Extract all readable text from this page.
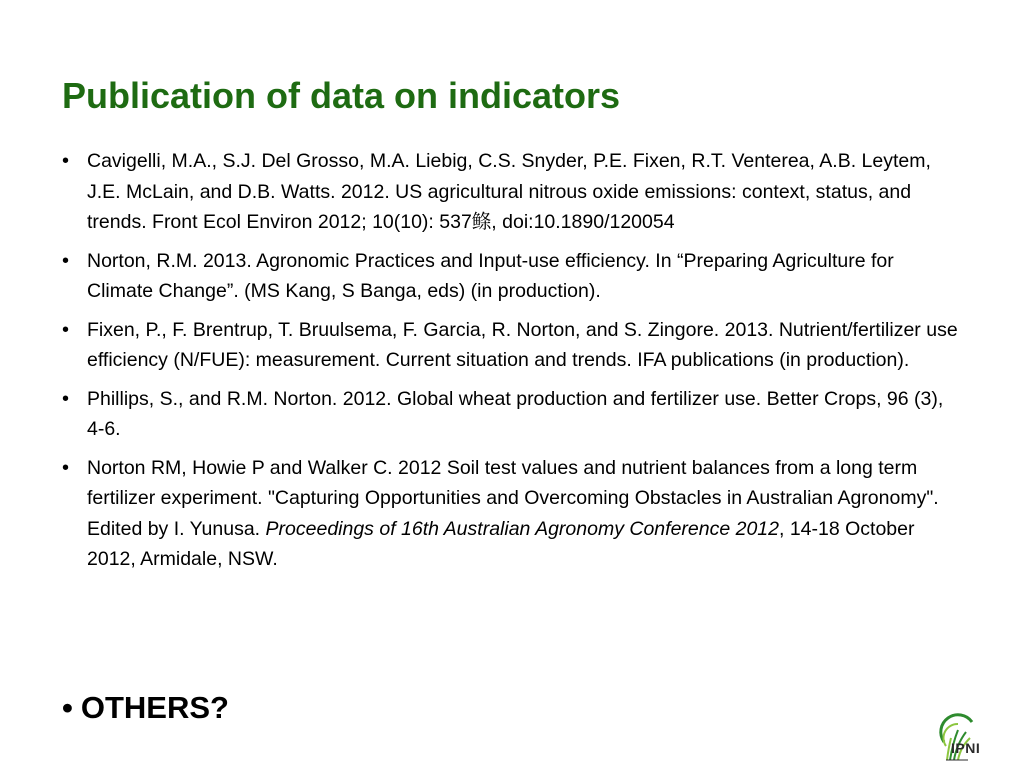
Publication of data on indicators
• Cavigelli, M.A., S.J. Del Grosso, M.A. Liebig, C.S. Snyder, P.E. Fixen, R.T. Venterea, A.B. Leytem, J.E. McLain, and D.B. Watts. 2012. US agricultural nitrous oxide emissions: context, status, and trends. Front Ecol Environ 2012; 10(10): 537鲦, doi:10.1890/120054
• Norton, R.M. 2013. Agronomic Practices and Input-use efficiency. In “Preparing Agriculture for Climate Change”. (MS Kang, S Banga, eds) (in production).
• Fixen, P., F. Brentrup, T. Bruulsema, F. Garcia, R. Norton, and S. Zingore. 2013. Nutrient/fertilizer use efficiency (N/FUE): measurement. Current situation and trends. IFA publications (in production).
• Phillips, S., and R.M. Norton. 2012. Global wheat production and fertilizer use. Better Crops, 96 (3), 4-6.
• Norton RM, Howie P and Walker C. 2012 Soil test values and nutrient balances from a long term fertilizer experiment. "Capturing Opportunities and Overcoming Obstacles in Australian Agronomy". Edited by I. Yunusa. Proceedings of 16th Australian Agronomy Conference 2012, 14-18 October 2012, Armidale, NSW.
• OTHERS?
IPNI
